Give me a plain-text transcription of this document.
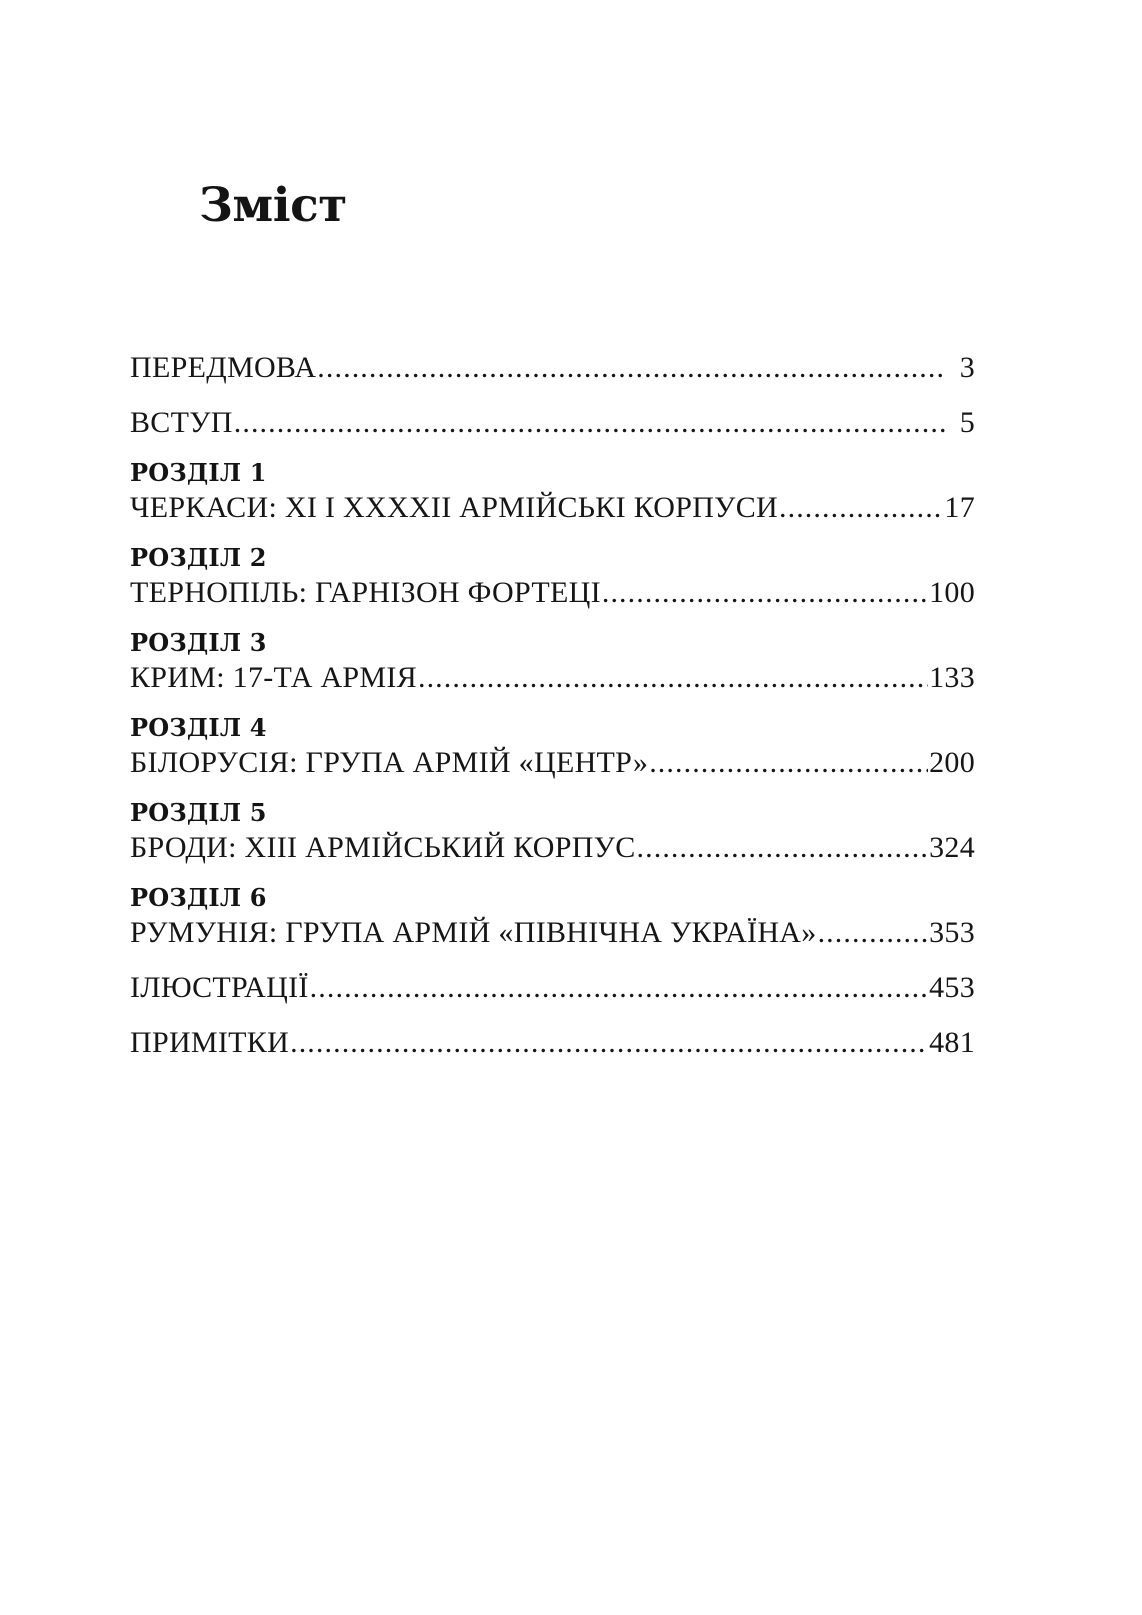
Зміст
ПЕРЕДМОВА .....	3
ВСТУП .....	5
РОЗДІЛ 1
ЧЕРКАСИ: XI І XXXXII АРМІЙСЬКІ КОРПУСИ .....	17
РОЗДІЛ 2
ТЕРНОПІЛЬ: ГАРНІЗОН ФОРТЕЦІ .....	100
РОЗДІЛ 3
КРИМ: 17-ТА АРМІЯ .....	133
РОЗДІЛ 4
БІЛОРУСІЯ: ГРУПА АРМІЙ «ЦЕНТР» .....	200
РОЗДІЛ 5
БРОДИ: XIII АРМІЙСЬКИЙ КОРПУС .....	324
РОЗДІЛ 6
РУМУНІЯ: ГРУПА АРМІЙ «ПІВНІЧНА УКРАЇНА» .....	353
ІЛЮСТРАЦІЇ .....	453
ПРИМІТКИ .....	481
